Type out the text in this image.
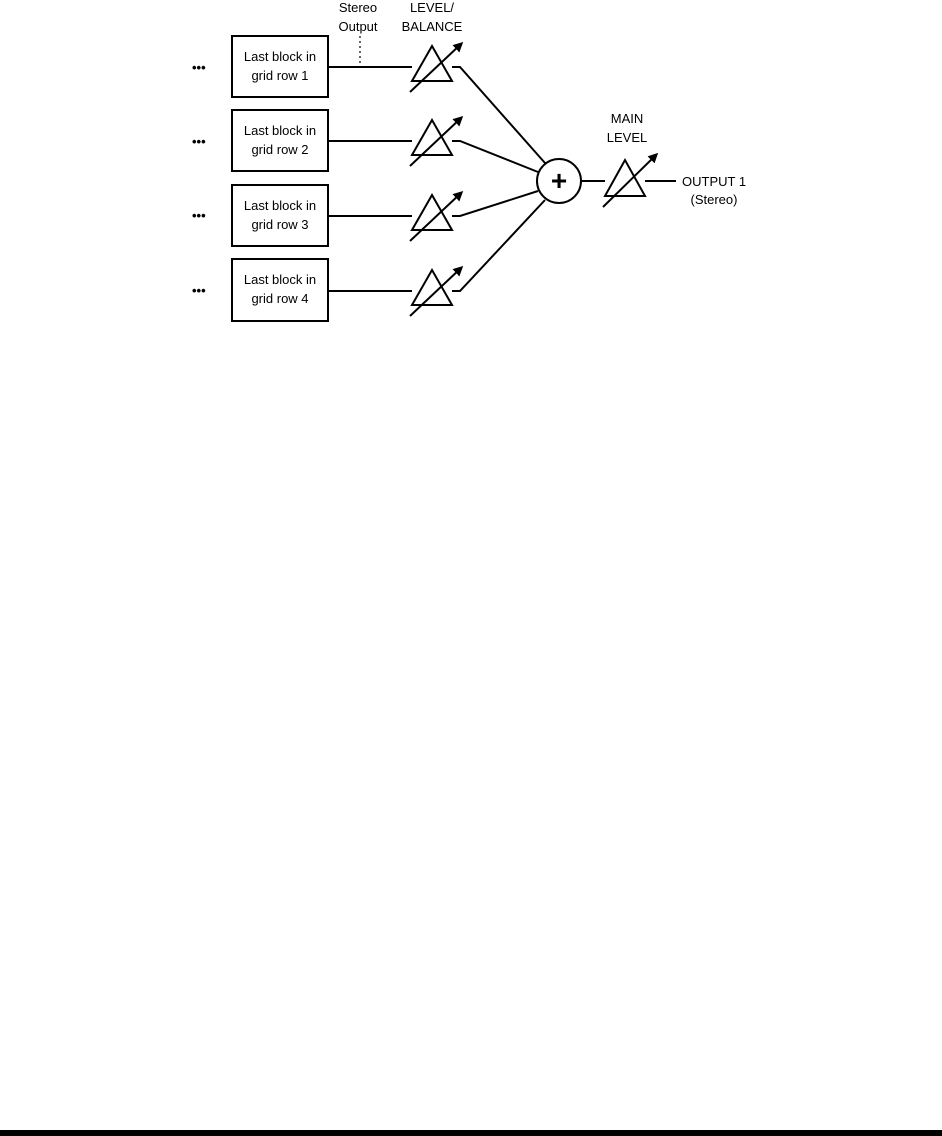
Stereo
Output
LEVEL/
BALANCE
•••
Last block in
grid row 1
•••
Last block in
grid row 2
•••
Last block in
grid row 3
•••
Last block in
grid row 4
+
MAIN
LEVEL
OUTPUT 1
(Stereo)
